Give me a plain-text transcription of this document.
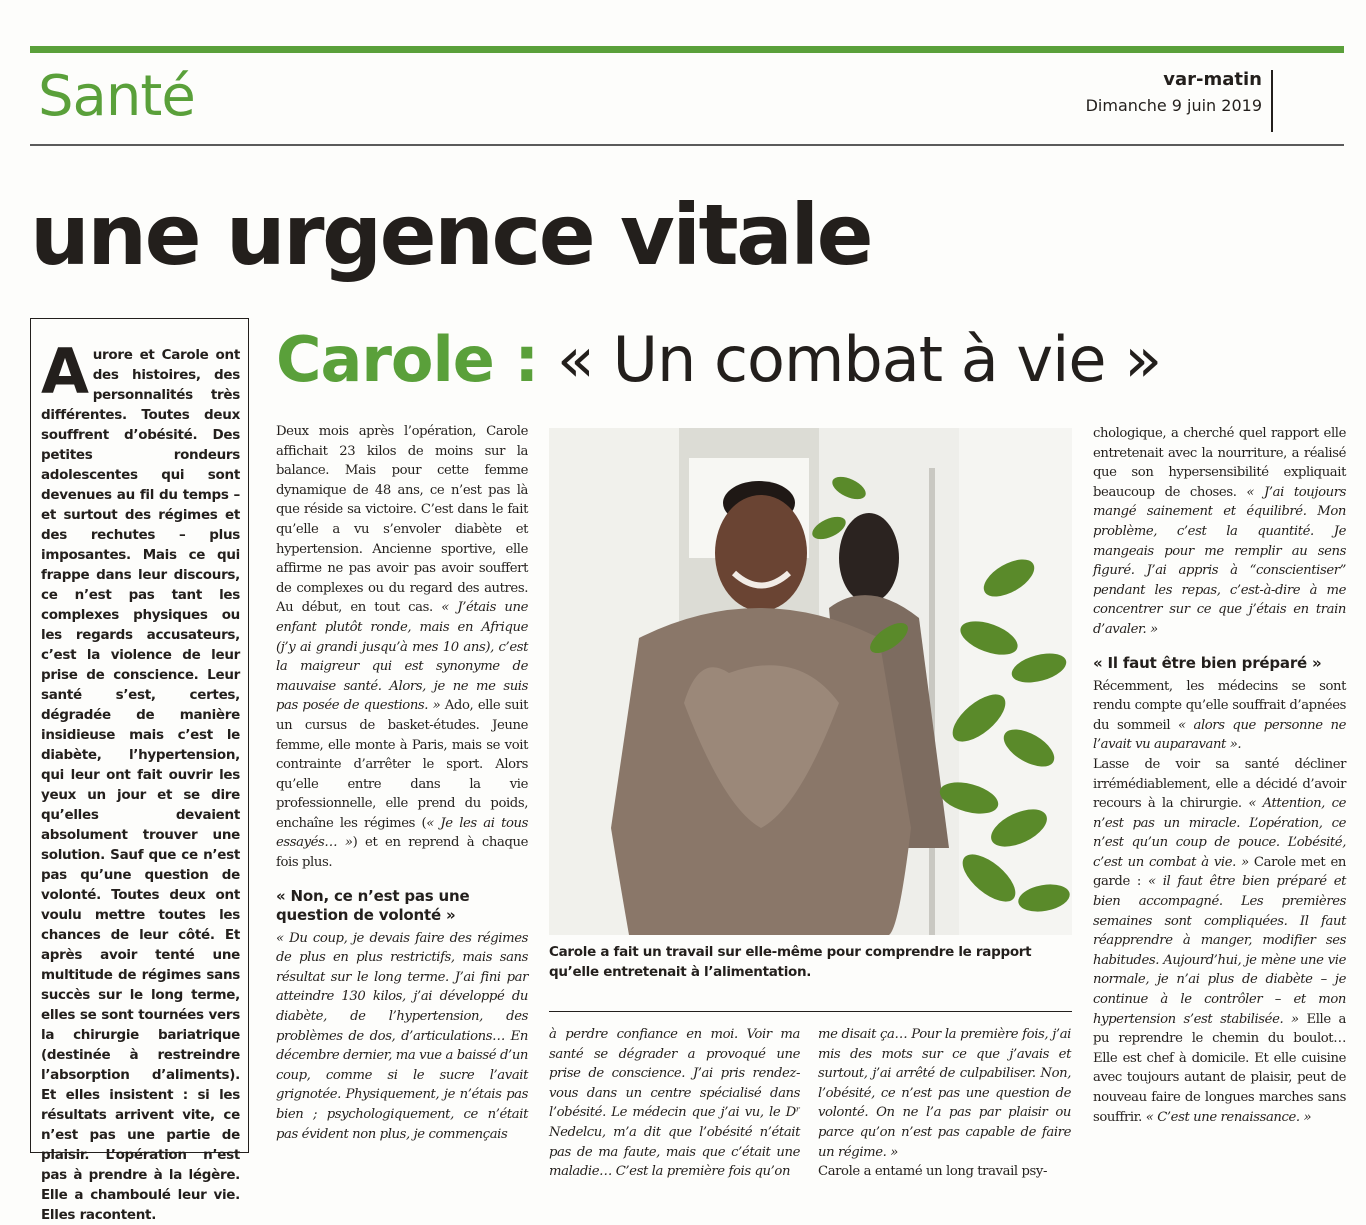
Santé	var-matin
Dimanche 9 juin 2019
une urgence vitale
Carole : « Un combat à vie »

Aurore et Carole ont des histoires, des personnalités très différentes. Toutes deux souffrent d’obésité. Des petites rondeurs adolescentes qui sont devenues au fil du temps – et surtout des régimes et des rechutes – plus imposantes. Mais ce qui frappe dans leur discours, ce n’est pas tant les complexes physiques ou les regards accusateurs, c’est la violence de leur prise de conscience. Leur santé s’est, certes, dégradée de manière insidieuse mais c’est le diabète, l’hypertension, qui leur ont fait ouvrir les yeux un jour et se dire qu’elles devaient absolument trouver une solution. Sauf que ce n’est pas qu’une question de volonté. Toutes deux ont voulu mettre toutes les chances de leur côté. Et après avoir tenté une multitude de régimes sans succès sur le long terme, elles se sont tournées vers la chirurgie bariatrique (destinée à restreindre l’absorption d’aliments). Et elles insistent : si les résultats arrivent vite, ce n’est pas une partie de plaisir. L’opération n’est pas à prendre à la légère. Elle a chamboulé leur vie. Elles racontent.

Deux mois après l’opération, Carole affichait 23 kilos de moins sur la balance. Mais pour cette femme dynamique de 48 ans, ce n’est pas là que réside sa victoire. C’est dans le fait qu’elle a vu s’envoler diabète et hypertension. Ancienne sportive, elle affirme ne pas avoir pas avoir souffert de complexes ou du regard des autres. Au début, en tout cas. « J’étais une enfant plutôt ronde, mais en Afrique (j’y ai grandi jusqu’à mes 10 ans), c’est la maigreur qui est synonyme de mauvaise santé. Alors, je ne me suis pas posée de questions. » Ado, elle suit un cursus de basket-études. Jeune femme, elle monte à Paris, mais se voit contrainte d’arrêter le sport. Alors qu’elle entre dans la vie professionnelle, elle prend du poids, enchaîne les régimes (« Je les ai tous essayés… ») et en reprend à chaque fois plus.

« Non, ce n’est pas une question de volonté »

« Du coup, je devais faire des régimes de plus en plus restrictifs, mais sans résultat sur le long terme. J’ai fini par atteindre 130 kilos, j’ai développé du diabète, de l’hypertension, des problèmes de dos, d’articulations… En décembre dernier, ma vue a baissé d’un coup, comme si le sucre l’avait grignotée. Physiquement, je n’étais pas bien ; psychologiquement, ce n’était pas évident non plus, je commençais

Carole a fait un travail sur elle-même pour comprendre le rapport qu’elle entretenait à l’alimentation.

à perdre confiance en moi. Voir ma santé se dégrader a provoqué une prise de conscience. J’ai pris rendez-vous dans un centre spécialisé dans l’obésité. Le médecin que j’ai vu, le Dʳ Nedelcu, m’a dit que l’obésité n’était pas de ma faute, mais que c’était une maladie… C’est la première fois qu’on

me disait ça… Pour la première fois, j’ai mis des mots sur ce que j’avais et surtout, j’ai arrêté de culpabiliser. Non, l’obésité, ce n’est pas une question de volonté. On ne l’a pas par plaisir ou parce qu’on n’est pas capable de faire un régime. »

Carole a entamé un long travail psy-

chologique, a cherché quel rapport elle entretenait avec la nourriture, a réalisé que son hypersensibilité expliquait beaucoup de choses. « J’ai toujours mangé sainement et équilibré. Mon problème, c’est la quantité. Je mangeais pour me remplir au sens figuré. J’ai appris à “conscientiser” pendant les repas, c’est-à-dire à me concentrer sur ce que j’étais en train d’avaler. »

« Il faut être bien préparé »

Récemment, les médecins se sont rendu compte qu’elle souffrait d’apnées du sommeil « alors que personne ne l’avait vu auparavant ».

Lasse de voir sa santé décliner irrémédiablement, elle a décidé d’avoir recours à la chirurgie. « Attention, ce n’est pas un miracle. L’opération, ce n’est qu’un coup de pouce. L’obésité, c’est un combat à vie. » Carole met en garde : « il faut être bien préparé et bien accompagné. Les premières semaines sont compliquées. Il faut réapprendre à manger, modifier ses habitudes. Aujourd’hui, je mène une vie normale, je n’ai plus de diabète – je continue à le contrôler – et mon hypertension s’est stabilisée. » Elle a pu reprendre le chemin du boulot… Elle est chef à domicile. Et elle cuisine avec toujours autant de plaisir, peut de nouveau faire de longues marches sans souffrir. « C’est une renaissance. »
